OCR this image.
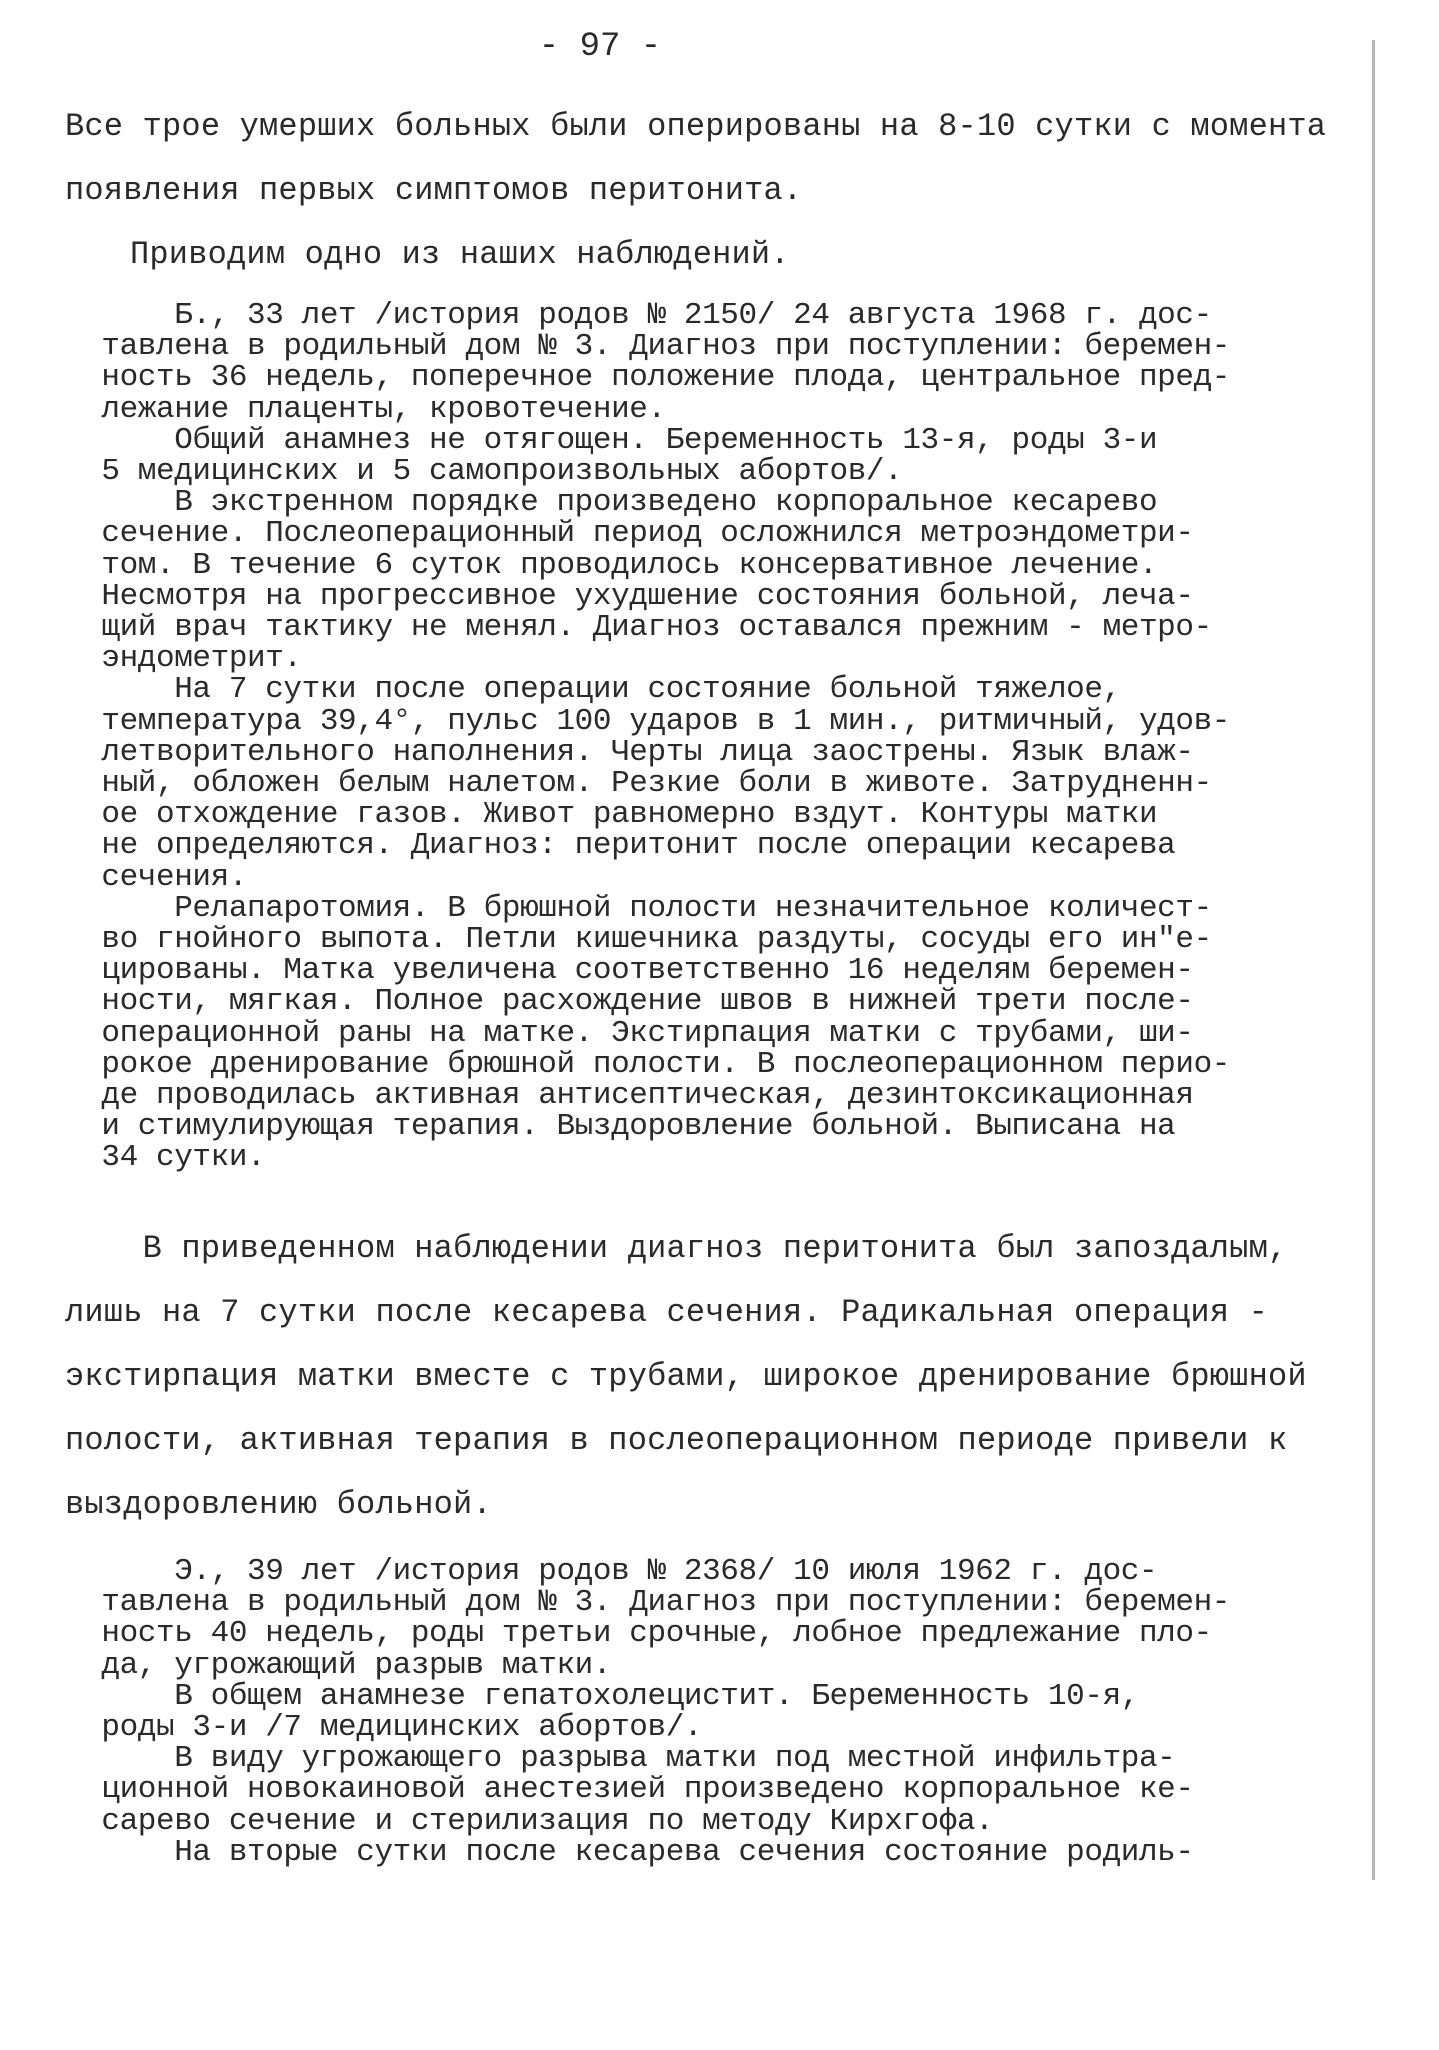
- 97 -
Все трое умерших больных были оперированы на 8-10 сутки с момента
появления первых симптомов перитонита.
Приводим одно из наших наблюдений.
Б., 33 лет /история родов № 2150/ 24 августа 1968 г. дос-
тавлена в родильный дом № 3. Диагноз при поступлении: беремен-
ность 36 недель, поперечное положение плода, центральное пред-
лежание плаценты, кровотечение.
Общий анамнез не отягощен. Беременность 13-я, роды 3-и
5 медицинских и 5 самопроизвольных абортов/.
В экстренном порядке произведено корпоральное кесарево
сечение. Послеоперационный период осложнился метроэндометри-
том. В течение 6 суток проводилось консервативное лечение.
Несмотря на прогрессивное ухудшение состояния больной, леча-
щий врач тактику не менял. Диагноз оставался прежним - метро-
эндометрит.
На 7 сутки после операции состояние больной тяжелое,
температура 39,4°, пульс 100 ударов в 1 мин., ритмичный, удов-
летворительного наполнения. Черты лица заострены. Язык влаж-
ный, обложен белым налетом. Резкие боли в животе. Затрудненн-
ое отхождение газов. Живот равномерно вздут. Контуры матки
не определяются. Диагноз: перитонит после операции кесарева
сечения.
Релапаротомия. В брюшной полости незначительное количест-
во гнойного выпота. Петли кишечника раздуты, сосуды его ин"е-
цированы. Матка увеличена соответственно 16 неделям беремен-
ности, мягкая. Полное расхождение швов в нижней трети после-
операционной раны на матке. Экстирпация матки с трубами, ши-
рокое дренирование брюшной полости. В послеоперационном перио-
де проводилась активная антисептическая, дезинтоксикационная
и стимулирующая терапия. Выздоровление больной. Выписана на
34 сутки.
В приведенном наблюдении диагноз перитонита был запоздалым,
лишь на 7 сутки после кесарева сечения. Радикальная операция -
экстирпация матки вместе с трубами, широкое дренирование брюшной
полости, активная терапия в послеоперационном периоде привели к
выздоровлению больной.
Э., 39 лет /история родов № 2368/ 10 июля 1962 г. дос-
тавлена в родильный дом № 3. Диагноз при поступлении: беремен-
ность 40 недель, роды третьи срочные, лобное предлежание пло-
да, угрожающий разрыв матки.
В общем анамнезе гепатохолецистит. Беременность 10-я,
роды 3-и /7 медицинских абортов/.
В виду угрожающего разрыва матки под местной инфильтра-
ционной новокаиновой анестезией произведено корпоральное ке-
сарево сечение и стерилизация по методу Кирхгофа.
На вторые сутки после кесарева сечения состояние родиль-
